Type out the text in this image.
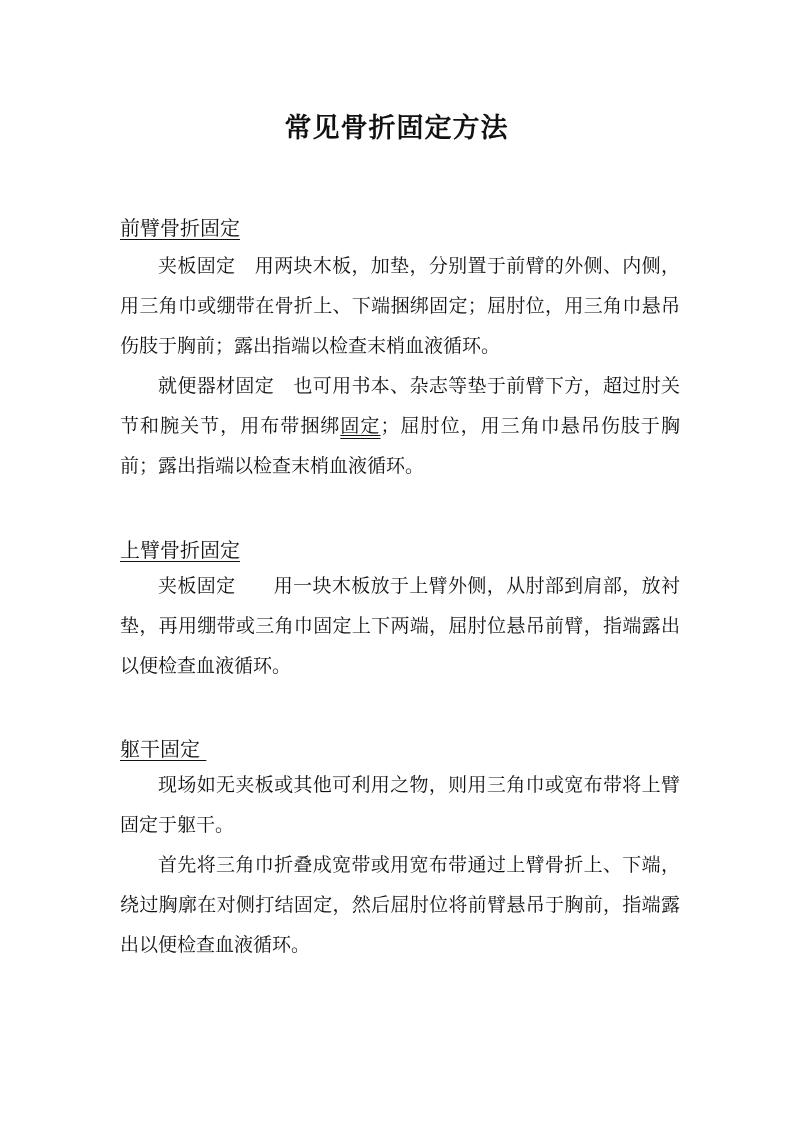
常见骨折固定方法
前臂骨折固定
夹板固定 用两块木板，加垫，分别置于前臂的外侧、内侧，用三角巾或绷带在骨折上、下端捆绑固定；屈肘位，用三角巾悬吊伤肢于胸前；露出指端以检查末梢血液循环。
就便器材固定 也可用书本、杂志等垫于前臂下方，超过肘关节和腕关节，用布带捆绑固定；屈肘位，用三角巾悬吊伤肢于胸前；露出指端以检查末梢血液循环。
上臂骨折固定
夹板固定 用一块木板放于上臂外侧，从肘部到肩部，放衬垫，再用绷带或三角巾固定上下两端，屈肘位悬吊前臂，指端露出以便检查血液循环。
躯干固定
现场如无夹板或其他可利用之物，则用三角巾或宽布带将上臂固定于躯干。
首先将三角巾折叠成宽带或用宽布带通过上臂骨折上、下端，绕过胸廓在对侧打结固定，然后屈肘位将前臂悬吊于胸前，指端露出以便检查血液循环。
